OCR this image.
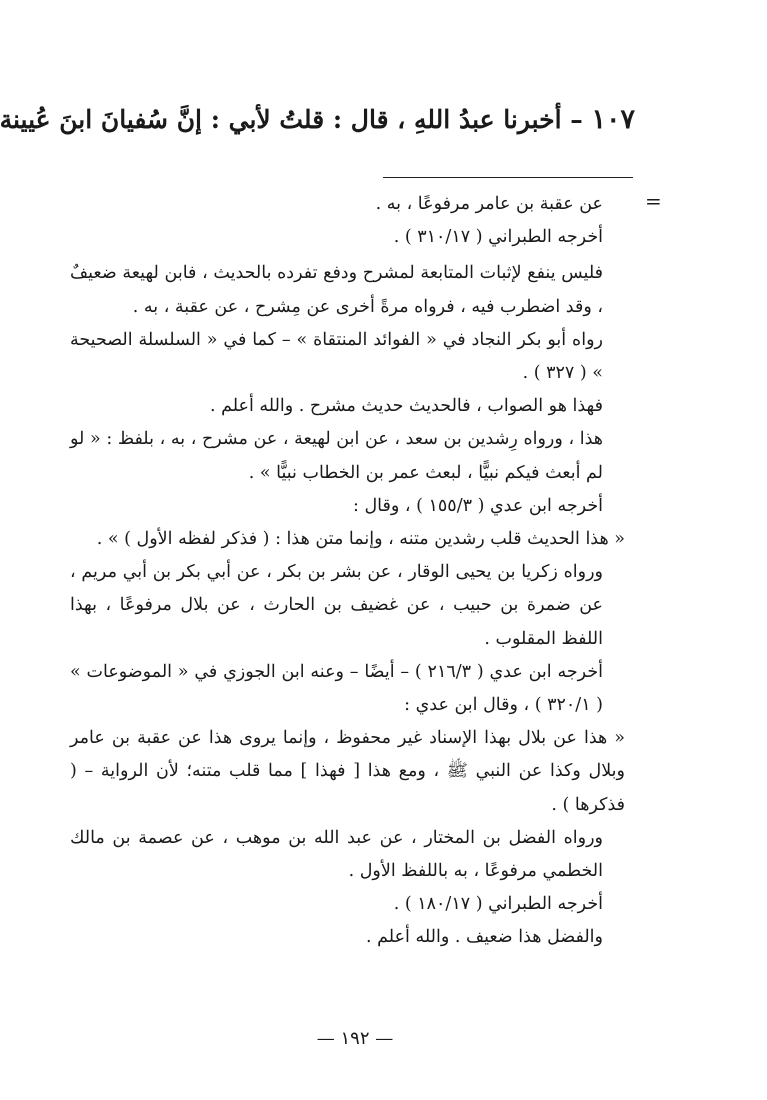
١٠٧ – أخبرنا عبدُ اللهِ ، قال : قلتُ لأبي : إنَّ سُفيانَ ابنَ عُيينة
=

عن عقبة بن عامر مرفوعًا ، به .

أخرجه الطبراني ( ٣١٠/١٧ ) .

فليس ينفع لإثبات المتابعة لمشرح ودفع تفرده بالحديث ، فابن لهيعة ضعيفٌ ، وقد اضطرب فيه ، فرواه مرةً أخرى عن مِشرح ، عن عقبة ، به .

رواه أبو بكر النجاد في « الفوائد المنتقاة » – كما في « السلسلة الصحيحة » ( ٣٢٧ ) .

فهذا هو الصواب ، فالحديث حديث مشرح . والله أعلم .

هذا ، ورواه رِشدين بن سعد ، عن ابن لهيعة ، عن مشرح ، به ، بلفظ : « لو لم أبعث فيكم نبيًّا ، لبعث عمر بن الخطاب نبيًّا » .

أخرجه ابن عدي ( ١٥٥/٣ ) ، وقال :

« هذا الحديث قلب رشدين متنه ، وإنما متن هذا : ( فذكر لفظه الأول ) » .

ورواه زكريا بن يحيى الوقار ، عن بشر بن بكر ، عن أبي بكر بن أبي مريم ، عن ضمرة بن حبيب ، عن غضيف بن الحارث ، عن بلال مرفوعًا ، بهذا اللفظ المقلوب .

أخرجه ابن عدي ( ٢١٦/٣ ) – أيضًا – وعنه ابن الجوزي في « الموضوعات » ( ٣٢٠/١ ) ، وقال ابن عدي :

« هذا عن بلال بهذا الإسناد غير محفوظ ، وإنما يروى هذا عن عقبة بن عامر وبلال وكذا عن النبي ﷺ ، ومع هذا [ فهذا ] مما قلب متنه؛ لأن الرواية – ( فذكرها ) .

ورواه الفضل بن المختار ، عن عبد الله بن موهب ، عن عصمة بن مالك الخطمي مرفوعًا ، به باللفظ الأول .

أخرجه الطبراني ( ١٨٠/١٧ ) .

والفضل هذا ضعيف . والله أعلم .

— ١٩٢ —
